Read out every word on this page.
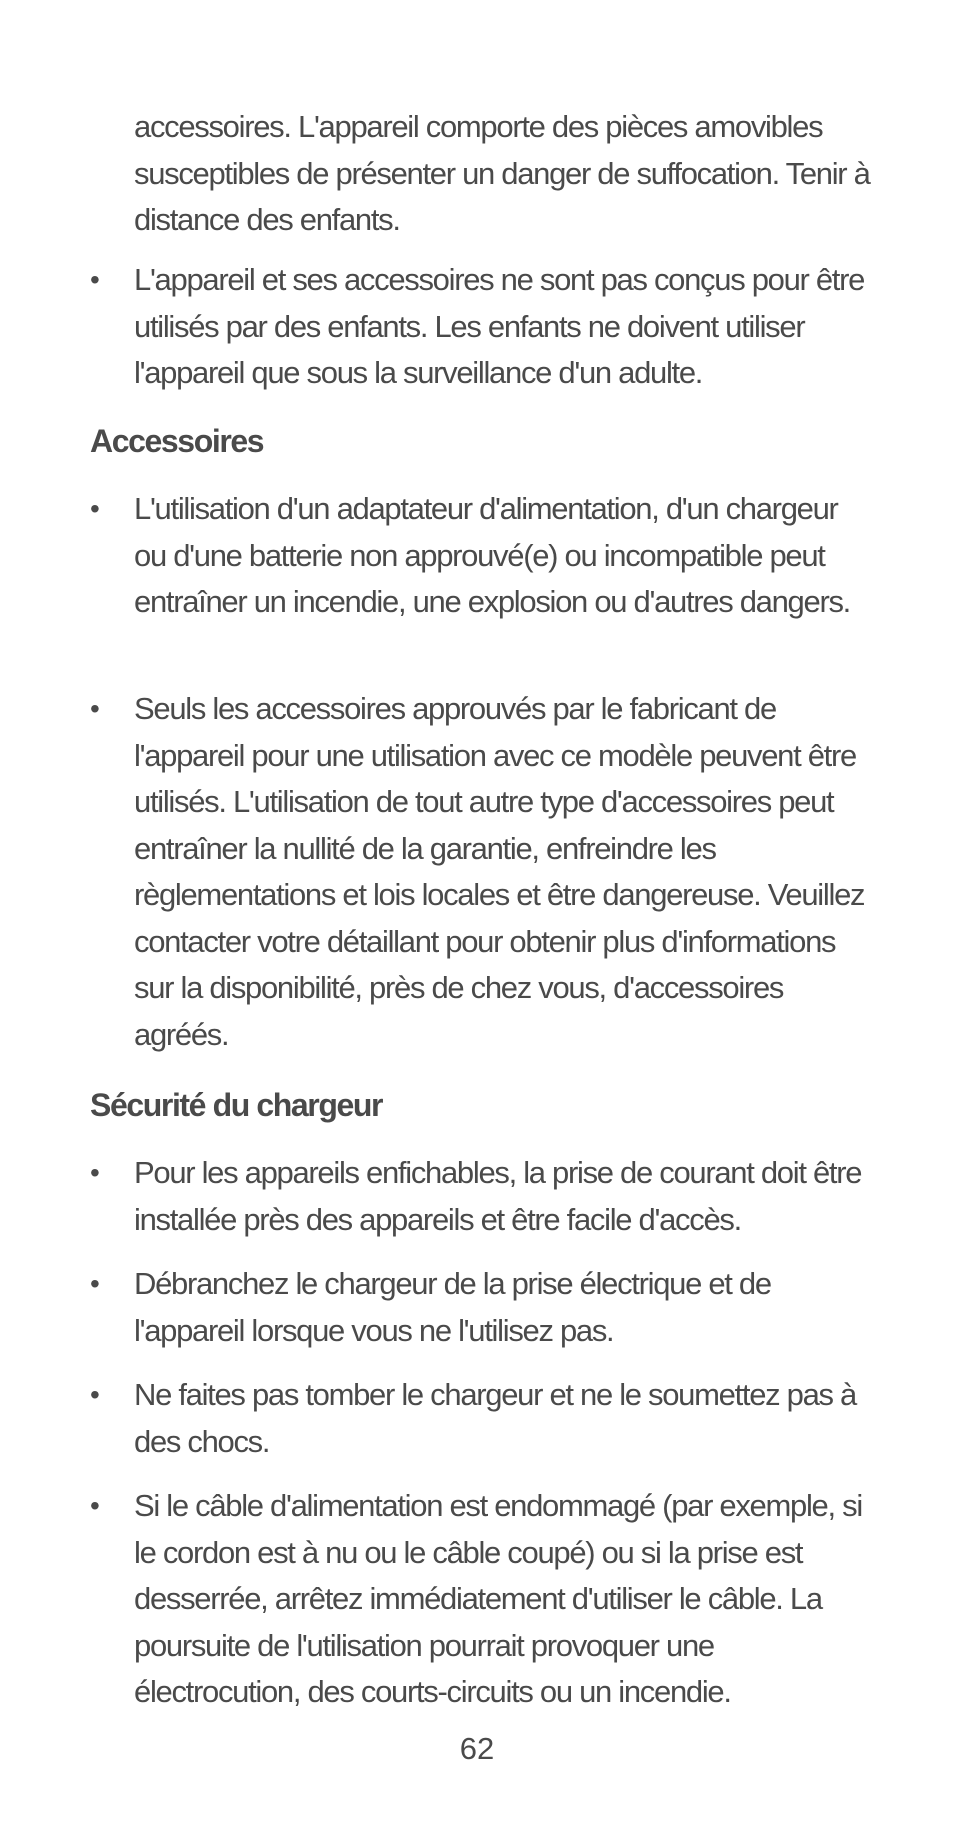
accessoires. L'appareil comporte des pièces amovibles susceptibles de présenter un danger de suffocation. Tenir à distance des enfants.
• L'appareil et ses accessoires ne sont pas conçus pour être utilisés par des enfants. Les enfants ne doivent utiliser l'appareil que sous la surveillance d'un adulte.
Accessoires
• L'utilisation d'un adaptateur d'alimentation, d'un chargeur ou d'une batterie non approuvé(e) ou incompatible peut entraîner un incendie, une explosion ou d'autres dangers.
• Seuls les accessoires approuvés par le fabricant de l'appareil pour une utilisation avec ce modèle peuvent être utilisés. L'utilisation de tout autre type d'accessoires peut entraîner la nullité de la garantie, enfreindre les règlementations et lois locales et être dangereuse. Veuillez contacter votre détaillant pour obtenir plus d'informations sur la disponibilité, près de chez vous, d'accessoires agréés.
Sécurité du chargeur
• Pour les appareils enfichables, la prise de courant doit être installée près des appareils et être facile d'accès.
• Débranchez le chargeur de la prise électrique et de l'appareil lorsque vous ne l'utilisez pas.
• Ne faites pas tomber le chargeur et ne le soumettez pas à des chocs.
• Si le câble d'alimentation est endommagé (par exemple, si le cordon est à nu ou le câble coupé) ou si la prise est desserrée, arrêtez immédiatement d'utiliser le câble. La poursuite de l'utilisation pourrait provoquer une électrocution, des courts-circuits ou un incendie.
62
